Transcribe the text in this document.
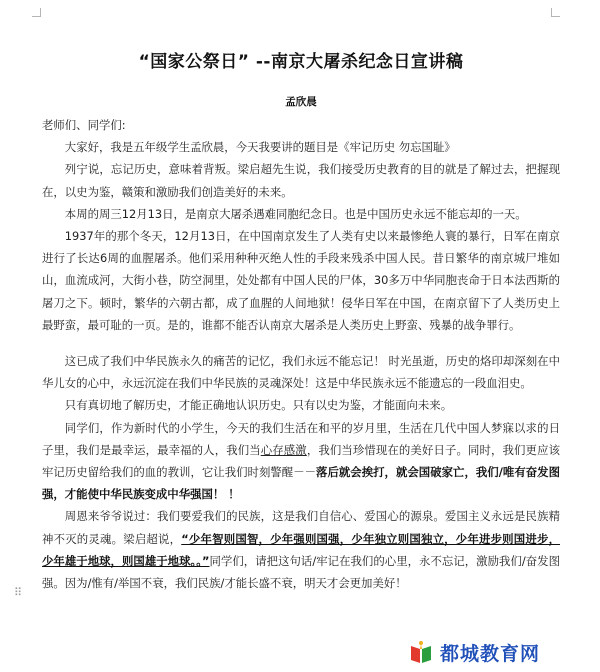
⠿
“国家公祭日” --南京大屠杀纪念日宣讲稿
孟欣晨

老师们、同学们:

大家好，我是五年级学生孟欣晨，今天我要讲的题目是《牢记历史 勿忘国耻》

列宁说，忘记历史，意味着背叛。梁启超先生说，我们接受历史教育的目的就是了解过去，把握现在，以史为鉴，赣策和激励我们创造美好的未来。

本周的周三12月13日，是南京大屠杀遇难同胞纪念日。也是中国历史永远不能忘却的一天。

1937年的那个冬天，12月13日，在中国南京发生了人类有史以来最惨绝人寰的暴行，日军在南京进行了长达6周的血腥屠杀。他们采用种种灭绝人性的手段来残杀中国人民。昔日繁华的南京城尸堆如山，血流成河，大街小巷，防空洞里，处处都有中国人民的尸体，30多万中华同胞丧命于日本法西斯的屠刀之下。顿时，繁华的六朝古都，成了血腥的人间地狱！侵华日军在中国，在南京留下了人类历史上最野蛮，最可耻的一页。是的，谁都不能否认南京大屠杀是人类历史上野蛮、残暴的战争罪行。

这已成了我们中华民族永久的痛苦的记忆，我们永远不能忘记！ 时光虽逝，历史的烙印却深刻在中华儿女的心中，永远沉淀在我们中华民族的灵魂深处！这是中华民族永远不能遗忘的一段血泪史。

只有真切地了解历史，才能正确地认识历史。只有以史为鉴，才能面向未来。

同学们，作为新时代的小学生，今天的我们生活在和平的岁月里，生活在几代中国人梦寐以求的日子里，我们是最幸运，最幸福的人，我们当心存感激，我们当珍惜现在的美好日子。同时，我们更应该牢记历史留给我们的血的教训，它让我们时刻警醒－－落后就会挨打，就会国破家亡，我们/唯有奋发图强，才能使中华民族变成中华强国！ ！

周恩来爷爷说过：我们要爱我们的民族，这是我们自信心、爱国心的源泉。爱国主义永远是民族精神不灭的灵魂。梁启超说，“少年智则国智，少年强则国强，少年独立则国独立，少年进步则国进步，少年雄于地球，则国雄于地球。。”同学们，请把这句话/牢记在我们的心里，永不忘记，激励我们/奋发图强。因为/惟有/举国不衰，我们民族/才能长盛不衰，明天才会更加美好！

都城教育网
